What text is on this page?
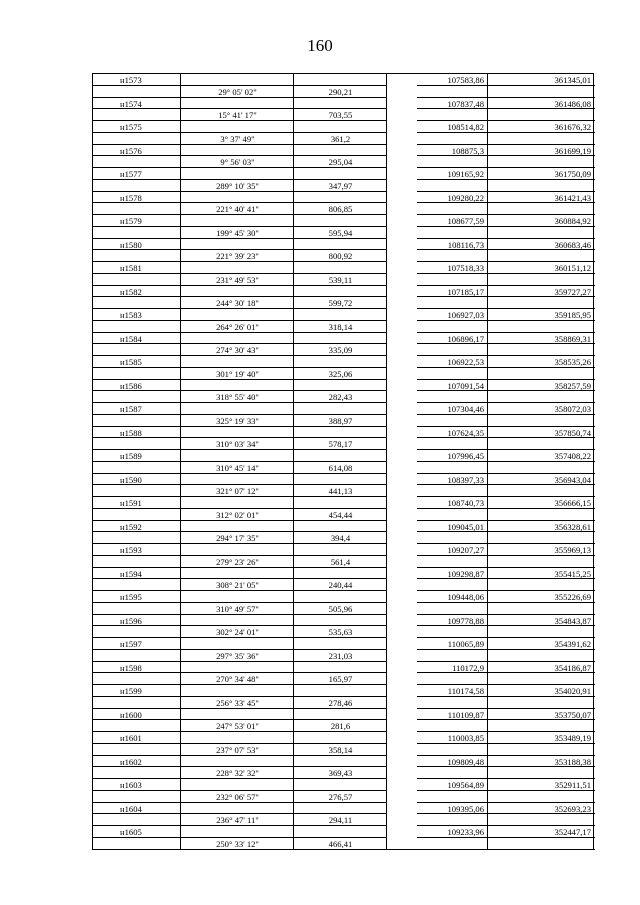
160
н1573	107583,86	361345,01
29° 05' 02"	290,21
н1574	107837,48	361486,08
15° 41' 17"	703,55
н1575	108514,82	361676,32
3° 37' 49"	361,2
н1576	108875,3	361699,19
9° 56' 03"	295,04
н1577	109165,92	361750,09
289° 10' 35"	347,97
н1578	109280,22	361421,43
221° 40' 41"	806,85
н1579	108677,59	360884,92
199° 45' 30"	595,94
н1580	108116,73	360683,46
221° 39' 23"	800,92
н1581	107518,33	360151,12
231° 49' 53"	539,11
н1582	107185,17	359727,27
244° 30' 18"	599,72
н1583	106927,03	359185,95
264° 26' 01"	318,14
н1584	106896,17	358869,31
274° 30' 43"	335,09
н1585	106922,53	358535,26
301° 19' 40"	325,06
н1586	107091,54	358257,59
318° 55' 40"	282,43
н1587	107304,46	358072,03
325° 19' 33"	388,97
н1588	107624,35	357850,74
310° 03' 34"	578,17
н1589	107996,45	357408,22
310° 45' 14"	614,08
н1590	108397,33	356943,04
321° 07' 12"	441,13
н1591	108740,73	356666,15
312° 02' 01"	454,44
н1592	109045,01	356328,61
294° 17' 35"	394,4
н1593	109207,27	355969,13
279° 23' 26"	561,4
н1594	109298,87	355415,25
308° 21' 05"	240,44
н1595	109448,06	355226,69
310° 49' 57"	505,96
н1596	109778,88	354843,87
302° 24' 01"	535,63
н1597	110065,89	354391,62
297° 35' 36"	231,03
н1598	110172,9	354186,87
270° 34' 48"	165,97
н1599	110174,58	354020,91
256° 33' 45"	278,46
н1600	110109,87	353750,07
247° 53' 01"	281,6
н1601	110003,85	353489,19
237° 07' 53"	358,14
н1602	109809,48	353188,38
228° 32' 32"	369,43
н1603	109564,89	352911,51
232° 06' 57"	276,57
н1604	109395,06	352693,23
236° 47' 11"	294,11
н1605	109233,96	352447,17
250° 33' 12"	466,41
